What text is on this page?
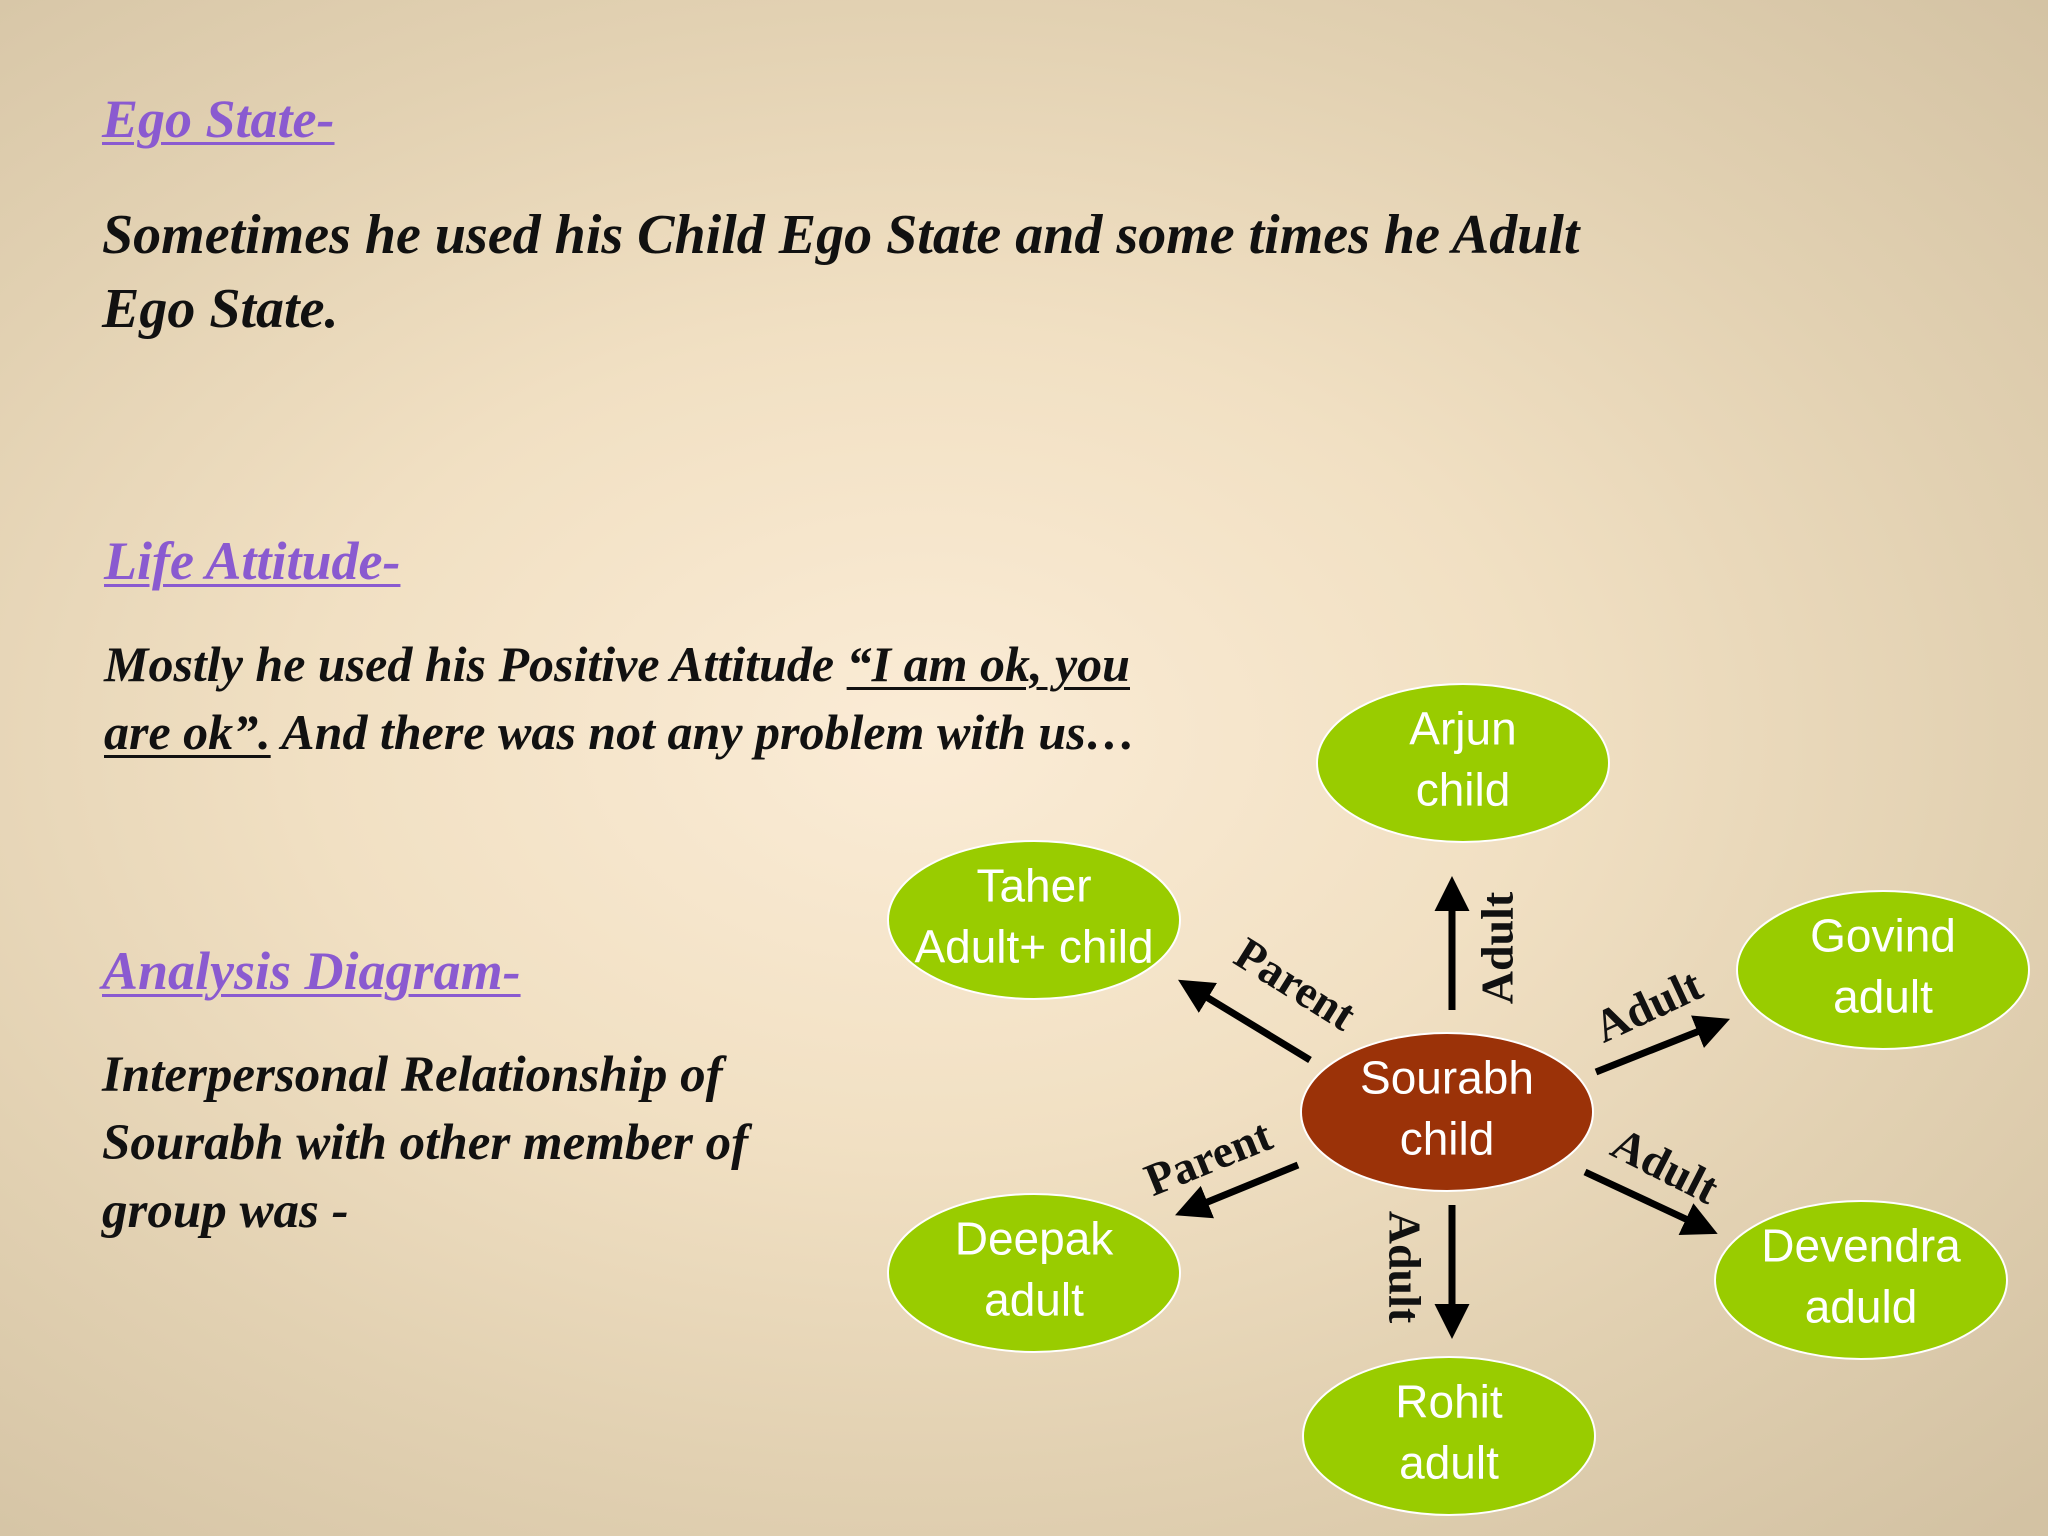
Ego State-
Sometimes he used his Child Ego State and some times he Adult
Ego State.
Life Attitude-
Mostly he used his Positive Attitude “I am ok, you
are ok”. And there was not any problem with us…
Analysis Diagram-
Interpersonal Relationship of
Sourabh with other member of
group was -
Adult
Parent	Adult
Parent	Adult
Adult
Arjun
child
Taher
Adult+ child	Govind
adult
Deepak
adult
Devendra
aduld
Rohit
adult
Sourabh
child
